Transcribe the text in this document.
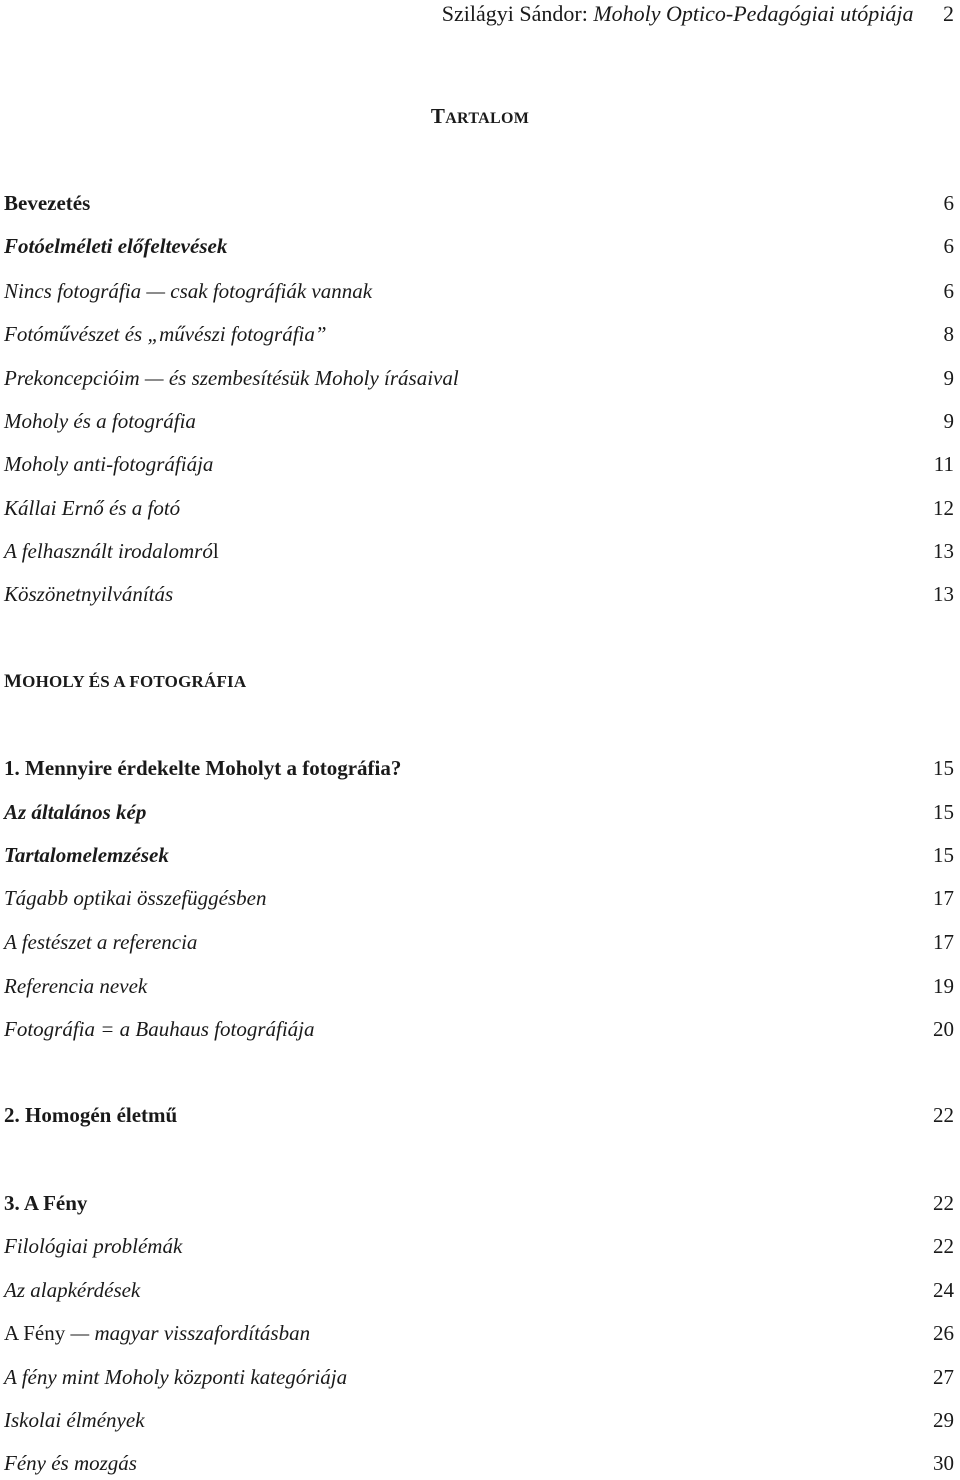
Szilágyi Sándor: Moholy Optico-Pedagógiai utópiája 2
TARTALOM
Bevezetés	6
Fotóelméleti előfeltevések	6
Nincs fotográfia — csak fotográfiák vannak	6
Fotóművészet és „művészi fotográfia”	8
Prekoncepcióim — és szembesítésük Moholy írásaival	9
Moholy és a fotográfia	9
Moholy anti-fotográfiája	11
Kállai Ernő és a fotó	12
A felhasznált irodalomról	13
Köszönetnyilvánítás	13
MOHOLY ÉS A FOTOGRÁFIA
1. Mennyire érdekelte Moholyt a fotográfia?	15
Az általános kép	15
Tartalomelemzések	15
Tágabb optikai összefüggésben	17
A festészet a referencia	17
Referencia nevek	19
Fotográfia = a Bauhaus fotográfiája	20
2. Homogén életmű	22
3. A Fény	22
Filológiai problémák	22
Az alapkérdések	24
A Fény — magyar visszafordításban	26
A fény mint Moholy központi kategóriája	27
Iskolai élmények	29
Fény és mozgás	30
